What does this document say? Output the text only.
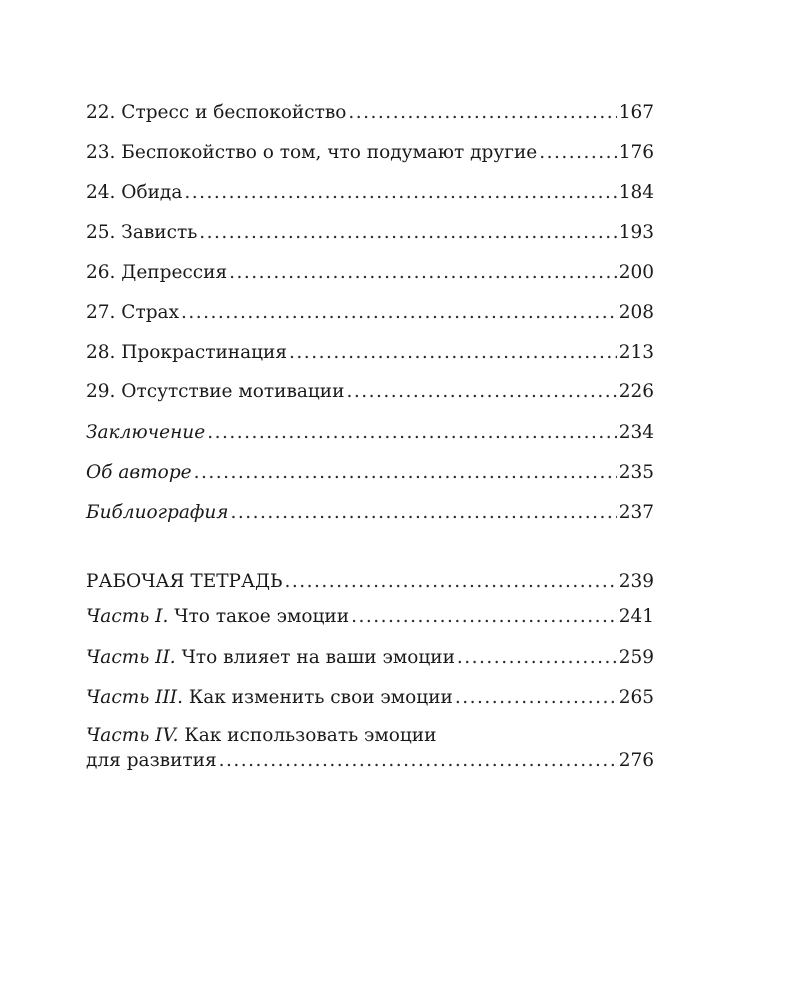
22. Стресс и беспокойство .....	167
23. Беспокойство о том, что подумают другие .....	176
24. Обида .....	184
25. Зависть .....	193
26. Депрессия .....	200
27. Страх .....	208
28. Прокрастинация .....	213
29. Отсутствие мотивации .....	226
Заключение .....	234
Об авторе .....	235
Библиография .....	237
РАБОЧАЯ ТЕТРАДЬ .....	239
Часть I. Что такое эмоции .....	241
Часть II. Что влияет на ваши эмоции .....	259
Часть III. Как изменить свои эмоции .....	265
Часть IV. Как использовать эмоции
для развития .....	276
